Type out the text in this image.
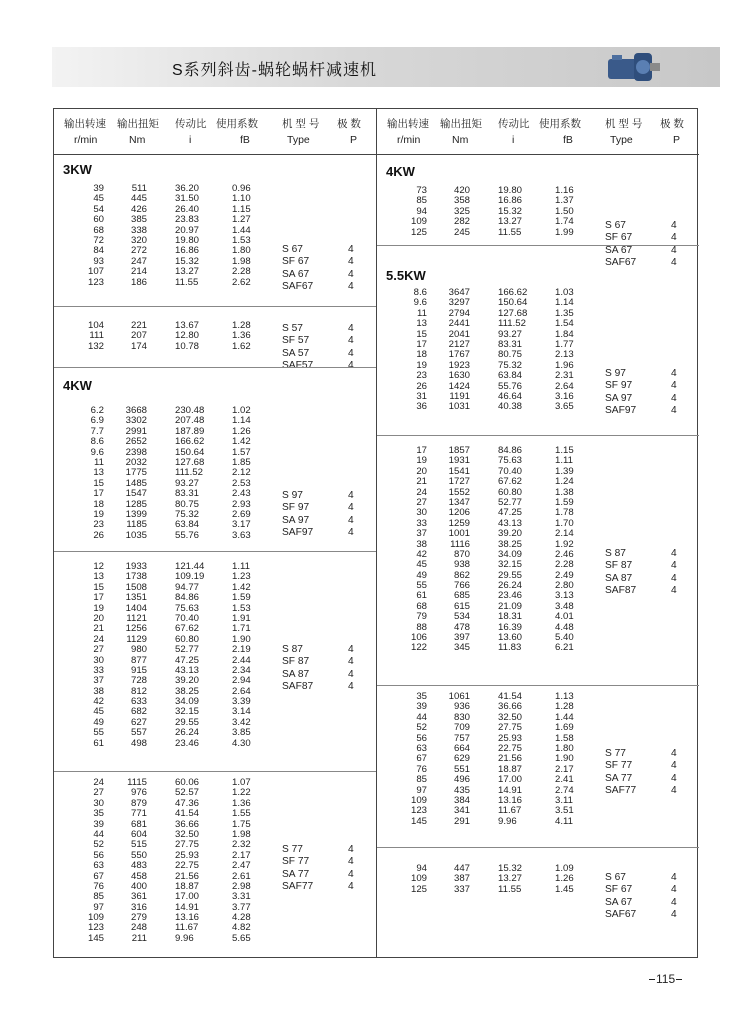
S系列斜齿-蜗轮蜗杆减速机
输出转速
r/min
输出扭矩
Nm
传动比
i
使用系数
fB
机 型 号
Type
极 数
P
3KW
39	511	36.20	0.96
45	445	31.50	1.10
54	426	26.40	1.15
60	385	23.83	1.27
68	338	20.97	1.44
72	320	19.80	1.53
84	272	16.86	1.80
93	247	15.32	1.98
107	214	13.27	2.28
123	186	11.55	2.62
S 67	4
SF 67	4
SA 67	4
SAF67	4
104	221	13.67	1.28
111	207	12.80	1.36
132	174	10.78	1.62
S 57	4
SF 57	4
SA 57	4
SAF57	4
4KW
6.2 3668	230.48	1.02
6.9 3302	207.48	1.14
7.7 2991	187.89	1.26
8.6 2652	166.62	1.42
9.6 2398	150.64	1.57
11 2032	127.68	1.85
13 1775	111.52	2.12
15 1485	93.27	2.53
17 1547	83.31	2.43
18 1285	80.75	2.93
19 1399	75.32	2.69
23	1185	63.84	3.17
26 1035	55.76	3.63
S 97	4
SF 97	4
SA 97	4
SAF97	4
12 1933	121.44	1.11
13 1738	109.19	1.23
15 1508	94.77	1.42
17 1351	84.86	1.59
19 1404	75.63	1.53
20	1121	70.40	1.91
21 1256	67.62	1.71
24	1129	60.80	1.90
27	980	52.77	2.19
30	877	47.25	2.44
33	915	43.13	2.34
37	728	39.20	2.94
38	812	38.25	2.64
42	633	34.09	3.39
45	682	32.15	3.14
49	627	29.55	3.42
55	557	26.24	3.85
61	498	23.46	4.30
S 87	4
SF 87	4
SA 87	4
SAF87	4
24	1115	60.06	1.07
27	976	52.57	1.22
30	879	47.36	1.36
35	771	41.54	1.55
39	681	36.66	1.75
44	604	32.50	1.98
52	515	27.75	2.32
56	550	25.93	2.17
63	483	22.75	2.47
67	458	21.56	2.61
76	400	18.87	2.98
85	361	17.00	3.31
97	316	14.91	3.77
109	279	13.16	4.28
123	248	11.67	4.82
145	211	9.96	5.65
S 77	4
SF 77	4
SA 77	4
SAF77	4
输出转速
r/min
输出扭矩
Nm
传动比
i
使用系数
fB
机 型 号
Type
极 数
P
4KW
73	420	19.80	1.16
85	358	16.86	1.37
94	325	15.32	1.50
109	282	13.27	1.74
125	245	11.55	1.99
S 67	4
SF 67	4
SA 67	4
SAF67	4
5.5KW
8.6 3647	166.62	1.03
9.6 3297	150.64	1.14
11 2794	127.68	1.35
13 2441	111.52	1.54
15 2041	93.27	1.84
17 2127	83.31	1.77
18 1767	80.75	2.13
19 1923	75.32	1.96
23 1630	63.84	2.31
26 1424	55.76	2.64
31	1191	46.64	3.16
36 1031	40.38	3.65
S 97	4
SF 97	4
SA 97	4
SAF97	4
17 1857	84.86	1.15
19 1931	75.63	1.11
20 1541	70.40	1.39
21 1727	67.62	1.24
24 1552	60.80	1.38
27 1347	52.77	1.59
30 1206	47.25	1.78
33 1259	43.13	1.70
37 1001	39.20	2.14
38	1116	38.25	1.92
42	870	34.09	2.46
45	938	32.15	2.28
49	862	29.55	2.49
55	766	26.24	2.80
61	685	23.46	3.13
68	615	21.09	3.48
79	534	18.31	4.01
88	478	16.39	4.48
106	397	13.60	5.40
122	345	11.83	6.21
S 87	4
SF 87	4
SA 87	4
SAF87	4
35 1061	41.54	1.13
39	936	36.66	1.28
44	830	32.50	1.44
52	709	27.75	1.69
56	757	25.93	1.58
63	664	22.75	1.80
67	629	21.56	1.90
76	551	18.87	2.17
85	496	17.00	2.41
97	435	14.91	2.74
109	384	13.16	3.11
123	341	11.67	3.51
145	291	9.96	4.11
S 77	4
SF 77	4
SA 77	4
SAF77	4
94	447	15.32	1.09
109	387	13.27	1.26
125	337	11.55	1.45
S 67	4
SF 67	4
SA 67	4
SAF67	4
115
